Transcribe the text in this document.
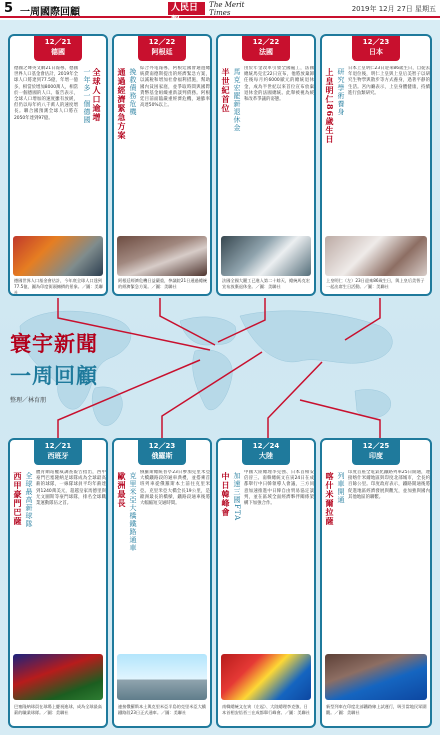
5 一周國際回顧	人民日	The Merit Times	2019年 12月 27日 星期五
12／21
德國
全球人口逾增
一年多一個德國
德國之聲英文網21日報導，德國世界人口基金會估計，2019年全球人口將達到77.5億，年增一億多，相當於增加8000萬人，相當於一個德國的人口。報告表示，全球人口增加的速度雖有放緩，但仍以每年約八千萬人的速度增長。聯合國預測全球人口將在2050年達到97億。
德國世界人口基金會估計，今年底全球人口達到77.5億，圖為印度街頭擁擠的景象。／圖：美聯社
12／22
阿根廷
通過經濟緊急方案 挽救債務危機 綜合外電報導，阿根廷國會通過總統費南德斯提出的經濟緊急方案，以減稅和增加社會福利措施，幫助國內貧困家庭，並爭取時間與國際貨幣基金組織重新談判債務。阿根廷目前面臨嚴重經濟危機，通膨率高達50%以上。
阿根廷經濟危機日益嚴重，參議院21日通過總統的經濟緊急方案。／圖：美聯社
12／22
法國
半世紀首位 馬克宏罷薪退休金 由於年金改革引發全國罷工，法國總統馬克宏22日宣布，他將放棄卸任後每月約6000歐元的總統退休金，成為半世紀以來首位宣布放棄退休金的法國總統。此舉被視為緩和改革爭議的姿態。
法國全國大罷工已進入第二十餘天，總統馬克宏宣布放棄退休金。／圖：美聯社
12／23
日本
上皇明仁86歲生日 研究學術養身 日本上皇明仁23日迎來86歲生日，自從去年退位後，明仁上皇與上皇后美智子以研究生物學與散步等方式養身，過著平靜的生活。宮內廳表示，上皇身體健康，持續進行魚類研究。
上皇明仁（左）23日迎來86歲生日，與上皇后美智子一起出席生日活動。／圖：美聯社
寰宇新聞
一周回顧
整理／林育朋
12／21
西班牙
西甲豪門巴薩 全球最高薪球隊 體育網站權威調查報告指出，西甲豪門巴塞隆納足球隊成為全球最高薪的球隊，一線隊球員平均年薪達到1240萬美元，超越皇家馬德里與尤文圖斯等豪門球隊，排名全球職業運動隊伍之首。
巴塞隆納球員在球場上慶祝進球，成為全球最高薪的職業球隊。／圖：美聯社
12／23
俄羅斯
歐洲最長 克里米亞大橋鐵路通車 俄羅斯總統普亭23日參加克里米亞大橋鐵路段的通車典禮，並搭乘首班列車從俄羅斯本土前往克里米亞。克里米亞大橋全長19公里，是歐洲最長的橋樑，鐵路段通車後將大幅縮短交通時間。
連接俄羅斯本土與克里米亞半島的克里米亞大橋鐵路段23日正式通車。／圖：美聯社
12／24
大陸
中日韓峰會 加速三國FTA 中國大陸總理李克強、日本首相安倍晉三、南韓總統文在寅24日在成都舉行中日韓領導人會議，三方同意加速推進中日韓自由貿易協定談判，並在區域全面經濟夥伴關係架構下加強合作。
南韓總統文在寅（左起）、大陸總理李克強、日本首相安倍晉三在成都舉行峰會。／圖：美聯社
12／25
印度
喀什米爾拉薩 列車開通 印度首座全電氣化鐵路列車25日開通，連接喀什米爾地區與印度北部城市，全長約百餘公里。印度政府表示，鐵路開通後將促進地區經濟發展與觀光，並加強與國內其他地區的聯繫。
新型列車在印度北部鐵路線上試運行，吸引當地民眾圍觀。／圖：美聯社
